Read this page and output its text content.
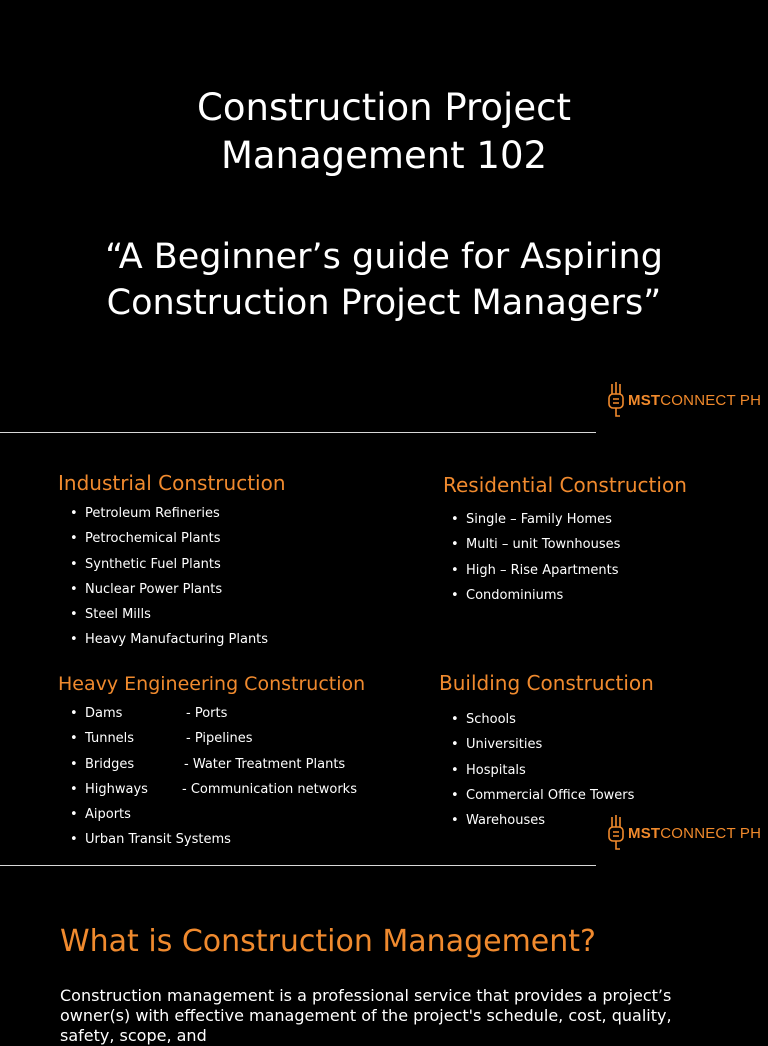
Construction Project
Management 102

“A Beginner’s guide for Aspiring
Construction Project Managers”

MSTCONNECT PH
Industrial Construction
• Petroleum Refineries
• Petrochemical Plants
• Synthetic Fuel Plants
• Nuclear Power Plants
• Steel Mills
• Heavy Manufacturing Plants
Residential Construction
• Single – Family Homes
• Multi – unit Townhouses
• High – Rise Apartments
• Condominiums
Heavy Engineering Construction
• Dams	- Ports
• Tunnels	- Pipelines
• Bridges	- Water Treatment Plants
• Highways	- Communication networks
• Aiports
• Urban Transit Systems
Building Construction
• Schools
• Universities
• Hospitals
• Commercial Office Towers
• Warehouses
MSTCONNECT PH
What is Construction Management?

Construction management is a professional service that provides a project’s owner(s) with effective management of the project's schedule, cost, quality, safety, scope, and
